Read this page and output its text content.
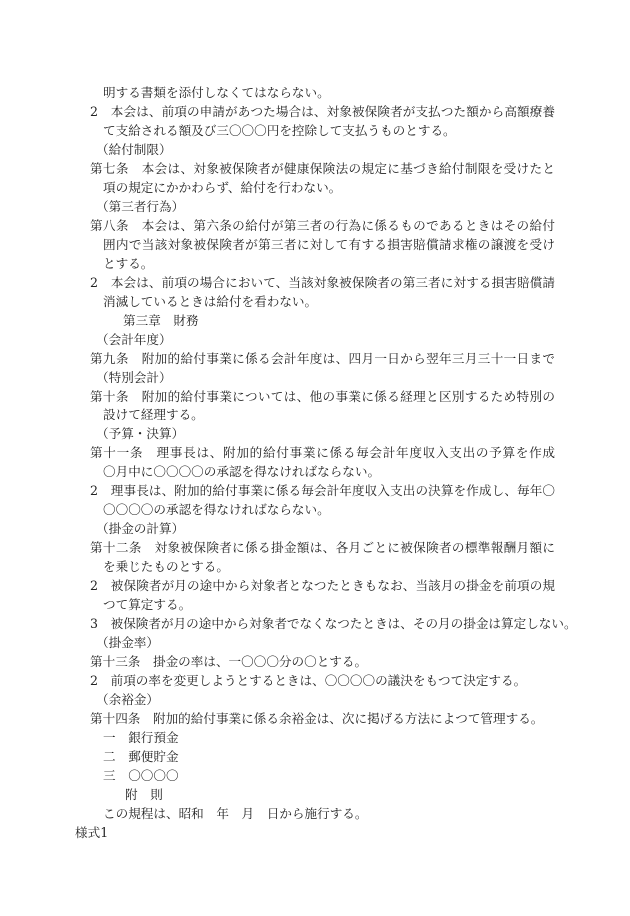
明する書類を添付しなくてはならない。
2　本会は、前項の申請があつた場合は、対象被保険者が支払つた額から高額療養
て支給される額及び三〇〇〇円を控除して支払うものとする。
（給付制限）
第七条　本会は、対象被保険者が健康保険法の規定に基づき給付制限を受けたと
項の規定にかかわらず、給付を行わない。
（第三者行為）
第八条　本会は、第六条の給付が第三者の行為に係るものであるときはその給付
囲内で当該対象被保険者が第三者に対して有する損害賠償請求権の譲渡を受け
とする。
2　本会は、前項の場合において、当該対象被保険者の第三者に対する損害賠償請
消滅しているときは給付を看わない。
第三章　財務
（会計年度）
第九条　附加的給付事業に係る会計年度は、四月一日から翌年三月三十一日まで
（特別会計）
第十条　附加的給付事業については、他の事業に係る経理と区別するため特別の
設けて経理する。
（予算・決算）
第十一条　理事長は、附加的給付事業に係る毎会計年度収入支出の予算を作成
〇月中に〇〇〇〇の承認を得なければならない。
2　理事長は、附加的給付事業に係る毎会計年度収入支出の決算を作成し、毎年〇
〇〇〇〇の承認を得なければならない。
（掛金の計算）
第十二条　対象被保険者に係る掛金額は、各月ごとに被保険者の標準報酬月額に
を乗じたものとする。
2　被保険者が月の途中から対象者となつたときもなお、当該月の掛金を前項の規
つて算定する。
3　被保険者が月の途中から対象者でなくなつたときは、その月の掛金は算定しない。
（掛金率）
第十三条　掛金の率は、一〇〇〇分の〇とする。
2　前項の率を変更しようとするときは、〇〇〇〇の議決をもつて決定する。
（余裕金）
第十四条　附加的給付事業に係る余裕金は、次に掲げる方法によつて管理する。
一　銀行預金
二　郵便貯金
三　〇〇〇〇
附　則
この規程は、昭和　年　月　日から施行する。
様式1
